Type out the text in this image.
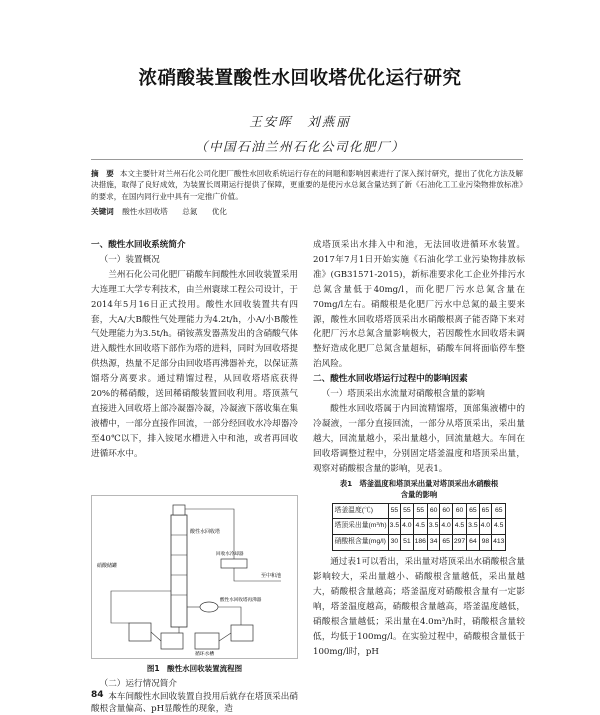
浓硝酸装置酸性水回收塔优化运行研究
王安晖　刘燕丽
（中国石油兰州石化公司化肥厂）
摘　要 本文主要针对兰州石化公司化肥厂酸性水回收系统运行存在的问题和影响因素进行了深入探讨研究，提出了优化方法及解决措施，取得了良好成效，为装置长周期运行提供了保障，更重要的是使污水总氮含量达到了新《石油化工工业污染物排放标准》的要求，在国内同行业中具有一定推广价值。
关键词 酸性水回收塔 总氮 优化
一、酸性水回收系统简介
（一）装置概况

兰州石化公司化肥厂硝酸车间酸性水回收装置采用大连理工大学专利技术，由兰州寰球工程公司设计，于2014年5月16日正式投用。酸性水回收装置共有四套，大A/大B酸性气处理能力为4.2t/h，小A/小B酸性气处理能力为3.5t/h。硝铵蒸发器蒸发出的含硝酸气体进入酸性水回收塔下部作为塔的进料，同时为回收塔提供热源，热量不足部分由回收塔再沸器补充，以保证蒸馏塔分离要求。通过精馏过程，从回收塔塔底获得20%的稀硝酸，送回稀硝酸装置回收利用。塔顶蒸气直接进入回收塔上部冷凝器冷凝，冷凝液下落收集在集液槽中，一部分直接作回流，一部分经回收水冷却器冷至40℃以下，排入铵尾水槽进入中和池，或者再回收进循环水中。

酸性水回收塔
酸性水回收塔再沸器
至中和池
回收水冷却器
硝酸储罐
循环水槽
图1　酸性水回收装置流程图
（二）运行情况简介

本车间酸性水回收装置自投用后就存在塔顶采出硝酸根含量偏高、pH显酸性的现象，造

成塔顶采出水排入中和池，无法回收进循环水装置。2017年7月1日开始实施《石油化学工业污染物排放标准》(GB31571-2015)，新标准要求化工企业外排污水总氮含量低于40mg/l，而化肥厂污水总氮含量在70mg/l左右。硝酸根是化肥厂污水中总氮的最主要来源，酸性水回收塔塔顶采出水硝酸根离子能否降下来对化肥厂污水总氮含量影响极大，若因酸性水回收塔未调整好造成化肥厂总氮含量超标，硝酸车间将面临停车整治风险。

二、酸性水回收塔运行过程中的影响因素
（一）塔顶采出水流量对硝酸根含量的影响

酸性水回收塔属于内回流精馏塔，顶部集液槽中的冷凝液，一部分直接回流，一部分从塔顶采出，采出量越大，回流量越小，采出量越小，回流量越大。车间在回收塔调整过程中，分别固定塔釜温度和塔顶采出量，观察对硝酸根含量的影响，见表1。

表1　塔釜温度和塔顶采出量对塔顶采出水硝酸根
含量的影响
塔釜温度(℃)	55	55	55	60	60	60	65	65	65
塔顶采出量(m³/h)	3.5	4.0	4.5	3.5	4.0	4.5	3.5	4.0	4.5
硝酸根含量(mg/l)	30	51	186	34	65	297	64	98	413

通过表1可以看出，采出量对塔顶采出水硝酸根含量影响较大，采出量越小、硝酸根含量越低，采出量越大，硝酸根含量越高；塔釜温度对硝酸根含量有一定影响，塔釜温度越高，硝酸根含量越高，塔釜温度越低，硝酸根含量越低；采出量在4.0m³/h时，硝酸根含量较低，均低于100mg/l。在实验过程中，硝酸根含量低于100mg/l时，pH

84
